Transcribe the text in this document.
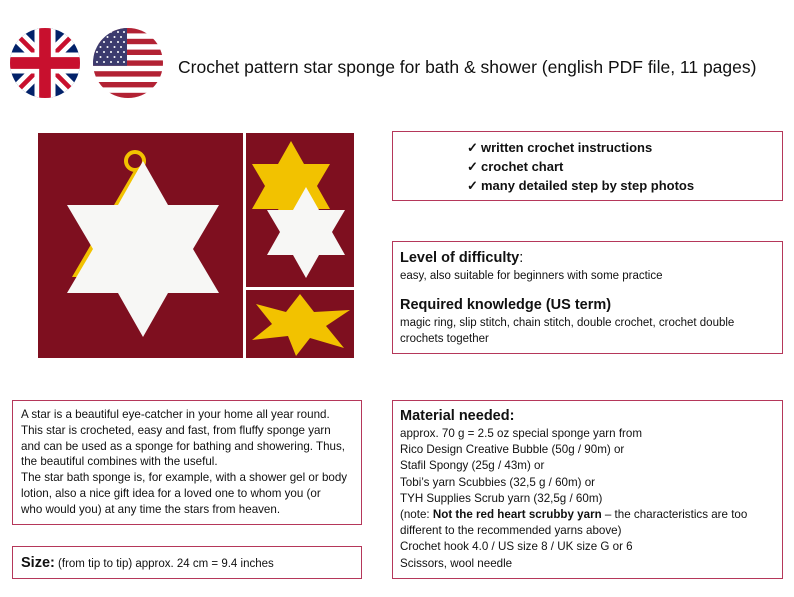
Crochet pattern star sponge for bath & shower (english PDF file, 11 pages)
✓ written crochet instructions
✓ crochet chart
✓ many detailed step by step photos
Level of difficulty:
easy, also suitable for beginners with some practice
Required knowledge (US term)
magic ring, slip stitch, chain stitch, double crochet, crochet double crochets together
A star is a beautiful eye-catcher in your home all year round.
This star is crocheted, easy and fast, from fluffy sponge yarn
and can be used as a sponge for bathing and showering. Thus,
the beautiful combines with the useful.
The star bath sponge is, for example, with a shower gel or body
lotion, also a nice gift idea for a loved one to whom you (or
who would you) at any time the stars from heaven.
Size: (from tip to tip) approx. 24 cm = 9.4 inches
Material needed:
approx. 70 g = 2.5 oz special sponge yarn from
Rico Design Creative Bubble (50g / 90m) or
Stafil Spongy (25g / 43m) or
Tobi’s yarn Scubbies (32,5 g / 60m) or
TYH Supplies Scrub yarn (32,5g / 60m)
(note: Not the red heart scrubby yarn – the characteristics are too different to the recommended yarns above)
Crochet hook 4.0 / US size 8 / UK size G or 6
Scissors, wool needle
